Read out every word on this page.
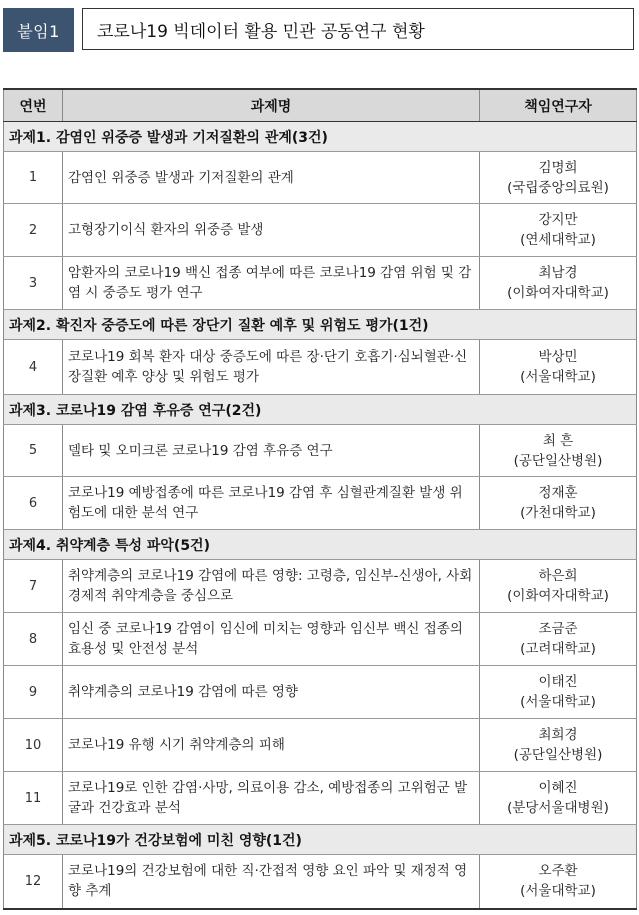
붙임1	코로나19 빅데이터 활용 민관 공동연구 현황
연번	과제명	책임연구자
과제1. 감염인 위중증 발생과 기저질환의 관계(3건)		
1	감염인 위중증 발생과 기저질환의 관계	김명희
(국립중앙의료원)

2	고형장기이식 환자의 위중증 발생	강지만
(연세대학교)

3	암환자의 코로나19 백신 접종 여부에 따른 코로나19 감염 위험 및 감염 시 중증도 평가 연구	최남경
(이화여자대학교)

과제2. 확진자 중증도에 따른 장단기 질환 예후 및 위험도 평가(1건)		
4	코로나19 회복 환자 대상 중증도에 따른 장·단기 호흡기·심뇌혈관·신장질환 예후 양상 및 위험도 평가	박상민
(서울대학교)

과제3. 코로나19 감염 후유증 연구(2건)		
5	델타 및 오미크론 코로나19 감염 후유증 연구	최 흔
(공단일산병원)

6	코로나19 예방접종에 따른 코로나19 감염 후 심혈관계질환 발생 위험도에 대한 분석 연구	정재훈
(가천대학교)

과제4. 취약계층 특성 파악(5건)		
7	취약계층의 코로나19 감염에 따른 영향: 고령층, 임신부-신생아, 사회경제적 취약계층을 중심으로	하은희
(이화여자대학교)

8	임신 중 코로나19 감염이 임신에 미치는 영향과 임신부 백신 접종의 효용성 및 안전성 분석	조금준
(고려대학교)

9	취약계층의 코로나19 감염에 따른 영향	이태진
(서울대학교)

10	코로나19 유행 시기 취약계층의 피해	최희경
(공단일산병원)

11	코로나19로 인한 감염·사망, 의료이용 감소, 예방접종의 고위험군 발굴과 건강효과 분석	이혜진
(분당서울대병원)

과제5. 코로나19가 건강보험에 미친 영향(1건)		
12	코로나19의 건강보험에 대한 직·간접적 영향 요인 파악 및 재정적 영향 추계	오주환
(서울대학교)
